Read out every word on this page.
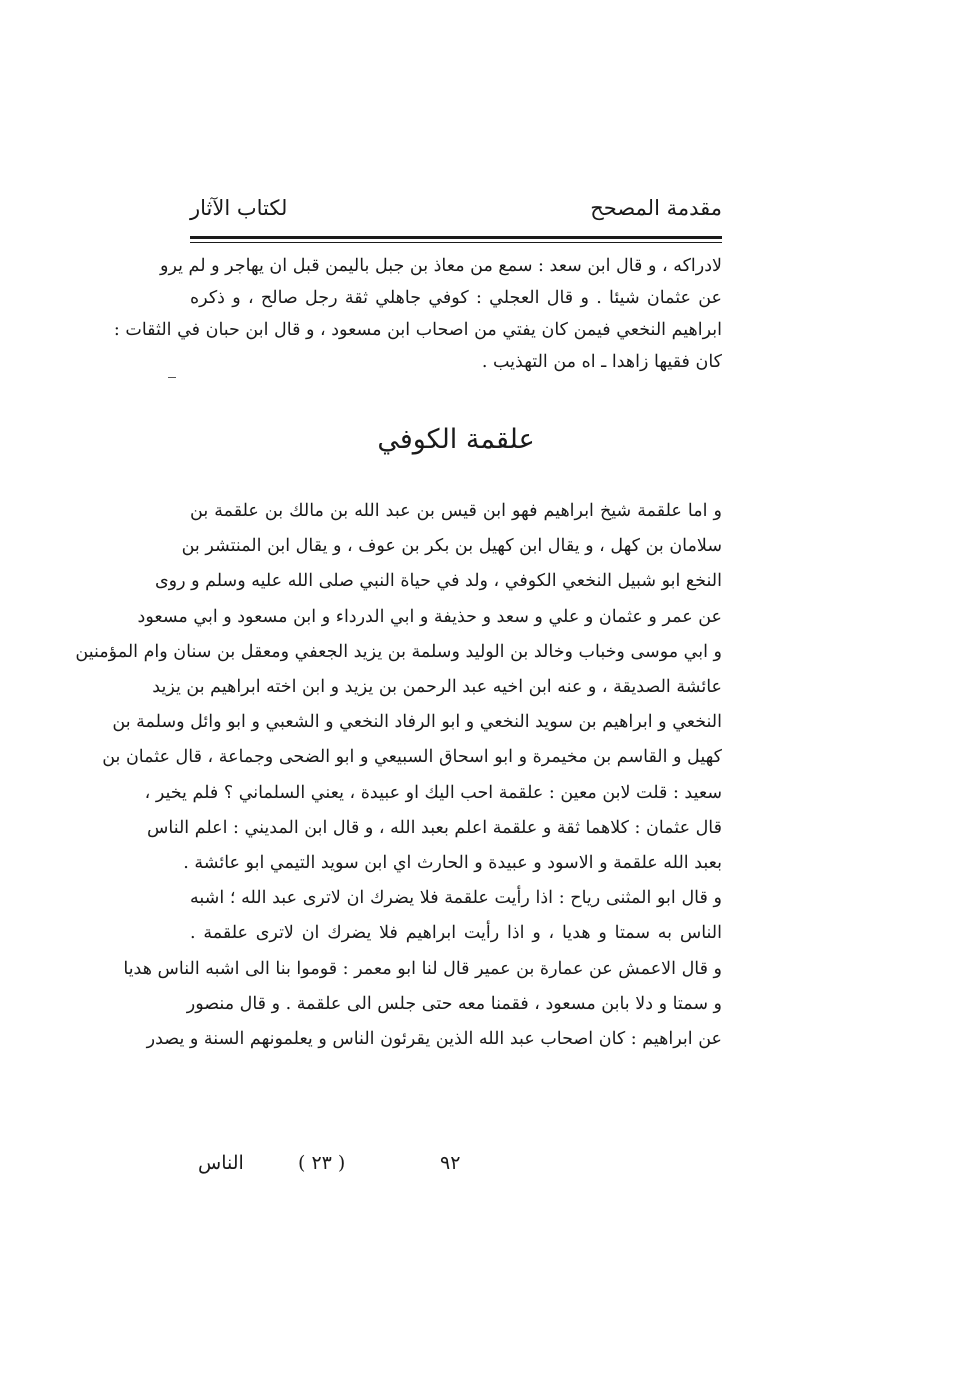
مقدمة المصحح
لكتاب الآثار
لادراكه ، و قال ابن سعد : سمع من معاذ بن جبل باليمن قبل ان يهاجر و لم يرو
عن عثمان شيئا . و قال العجلي : كوفي جاهلي ثقة رجل صالح ، و ذكره
ابراهيم النخعي فيمن كان يفتي من اصحاب ابن مسعود ، و قال ابن حبان في الثقات :
كان فقيها زاهدا ـ اه من التهذيب .
علقمة الكوفي
و اما علقمة شيخ ابراهيم فهو ابن قيس بن عبد الله بن مالك بن علقمة بن
سلامان بن كهل ، و يقال ابن كهيل بن بكر بن عوف ، و يقال ابن المنتشر بن
النخع ابو شبيل النخعي الكوفي ، ولد في حياة النبي صلى الله عليه وسلم و روى
عن عمر و عثمان و علي و سعد و حذيفة و ابي الدرداء و ابن مسعود و ابي مسعود
و ابي موسى وخباب وخالد بن الوليد وسلمة بن يزيد الجعفي ومعقل بن سنان وام المؤمنين
عائشة الصديقة ، و عنه ابن اخيه عبد الرحمن بن يزيد و ابن اخته ابراهيم بن يزيد
النخعي و ابراهيم بن سويد النخعي و ابو الرفاد النخعي و الشعبي و ابو وائل وسلمة بن
كهيل و القاسم بن مخيمرة و ابو اسحاق السبيعي و ابو الضحى وجماعة ، قال عثمان بن
سعيد : قلت لابن معين : علقمة احب اليك او عبيدة ، يعني السلماني ؟ فلم يخير ،
قال عثمان : كلاهما ثقة و علقمة اعلم بعبد الله ، و قال ابن المديني : اعلم الناس
بعبد الله علقمة و الاسود و عبيدة و الحارث اي ابن سويد التيمي ابو عائشة .
و قال ابو المثنى رياح : اذا رأيت علقمة فلا يضرك ان لاترى عبد الله ؛ اشبه
الناس به سمتا و هديا ، و اذا رأيت ابراهيم فلا يضرك ان لاترى علقمة .
و قال الاعمش عن عمارة بن عمير قال لنا ابو معمر : قوموا بنا الى اشبه الناس هديا
و سمتا و دلا بابن مسعود ، فقمنا معه حتى جلس الى علقمة . و قال منصور
عن ابراهيم : كان اصحاب عبد الله الذين يقرئون الناس و يعلمونهم السنة و يصدر
٩٢
( ٢٣ )
الناس
